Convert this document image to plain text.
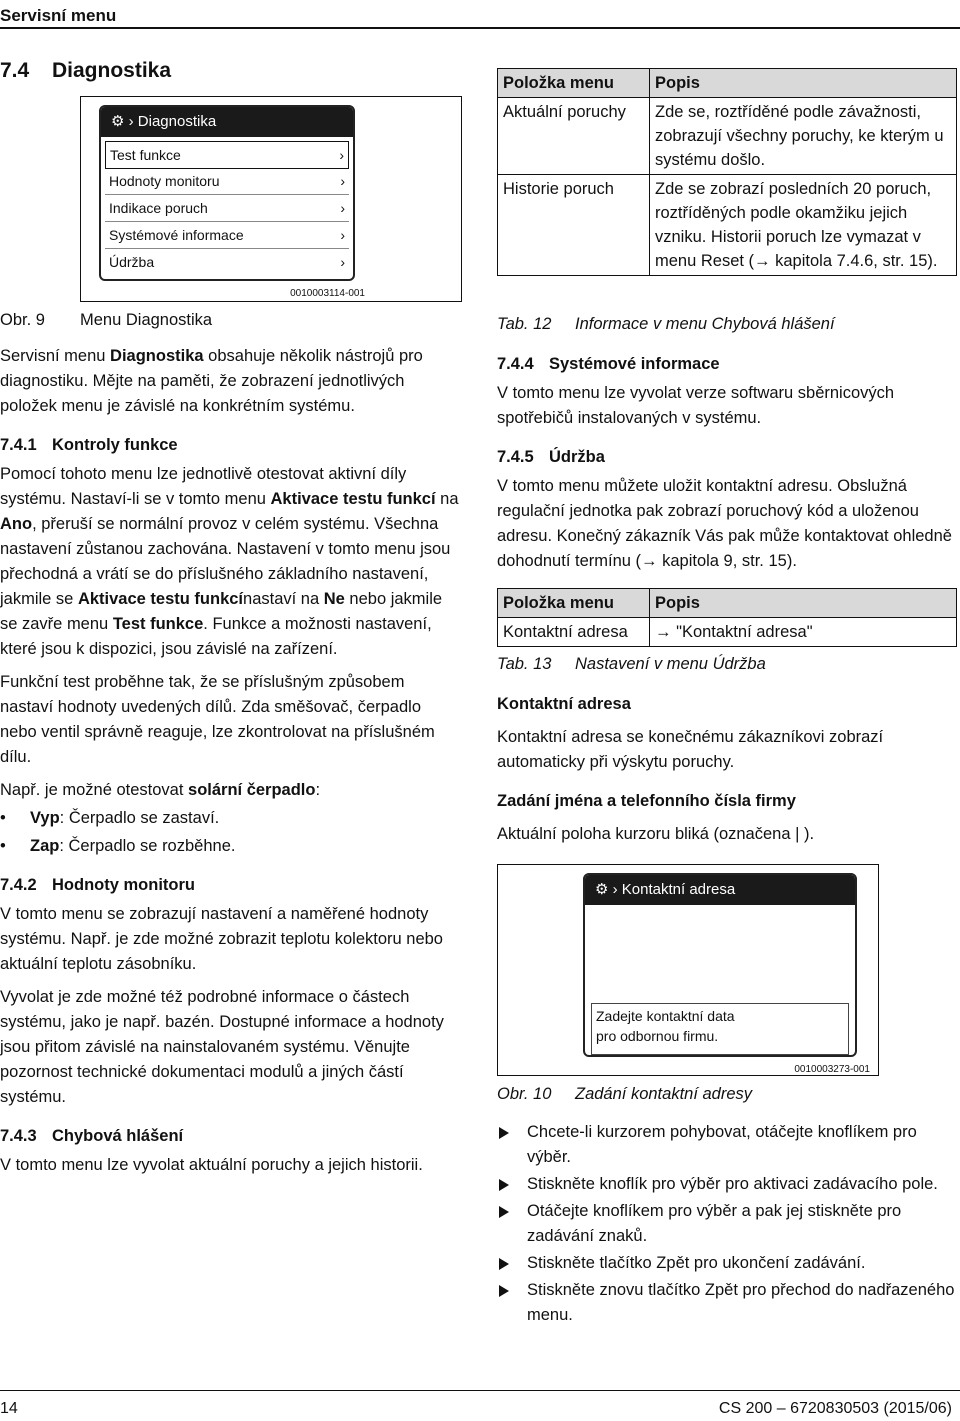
Servisní menu
7.4 Diagnostika
⚙ › Diagnostika
Test funkce	›
Hodnoty monitoru	›
Indikace poruch	›
Systémové informace	›
Údržba	›
0010003114-001
Obr. 9 Menu Diagnostika

Servisní menu Diagnostika obsahuje několik nástrojů pro diagnostiku. Mějte na paměti, že zobrazení jednotlivých položek menu je závislé na konkrétním systému.

7.4.1 Kontroly funkce

Pomocí tohoto menu lze jednotlivě otestovat aktivní díly systému. Nastaví-li se v tomto menu Aktivace testu funkcí na Ano, přeruší se normální provoz v celém systému. Všechna nastavení zůstanou zachována. Nastavení v tomto menu jsou přechodná a vrátí se do příslušného základního nastavení, jakmile se Aktivace testu funkcínastaví na Ne nebo jakmile se zavře menu Test funkce. Funkce a možnosti nastavení, které jsou k dispozici, jsou závislé na zařízení.

Funkční test proběhne tak, že se příslušným způsobem nastaví hodnoty uvedených dílů. Zda směšovač, čerpadlo nebo ventil správně reaguje, lze zkontrolovat na příslušném dílu.

Např. je možné otestovat solární čerpadlo:

• Vyp: Čerpadlo se zastaví.
• Zap: Čerpadlo se rozběhne.
7.4.2 Hodnoty monitoru

V tomto menu se zobrazují nastavení a naměřené hodnoty systému. Např. je zde možné zobrazit teplotu kolektoru nebo aktuální teplotu zásobníku.

Vyvolat je zde možné též podrobné informace o částech systému, jako je např. bazén. Dostupné informace a hodnoty jsou přitom závislé na nainstalovaném systému. Věnujte pozornost technické dokumentaci modulů a jiných částí systému.

7.4.3 Chybová hlášení

V tomto menu lze vyvolat aktuální poruchy a jejich historii.

Položka menu	Popis
Aktuální poruchy	Zde se, roztříděné podle závažnosti, zobrazují všechny poruchy, ke kterým u systému došlo.
Historie poruch	Zde se zobrazí posledních 20 poruch, roztříděných podle okamžiku jejich vzniku. Historii poruch lze vymazat v menu Reset (→ kapitola 7.4.6, str. 15).
Tab. 12 Informace v menu Chybová hlášení
7.4.4 Systémové informace

V tomto menu lze vyvolat verze softwaru sběrnicových spotřebičů instalovaných v systému.

7.4.5 Údržba

V tomto menu můžete uložit kontaktní adresu. Obslužná regulační jednotka pak zobrazí poruchový kód a uloženou adresu. Konečný zákazník Vás pak může kontaktovat ohledně dohodnutí termínu (→ kapitola 9, str. 15).

Položka menu	Popis
Kontaktní adresa	→ "Kontaktní adresa"
Tab. 13 Nastavení v menu Údržba
Kontaktní adresa

Kontaktní adresa se konečnému zákazníkovi zobrazí automaticky při výskytu poruchy.

Zadání jména a telefonního čísla firmy

Aktuální poloha kurzoru bliká (označena | ).

⚙ › Kontaktní adresa
Zadejte kontaktní data
pro odbornou firmu.
0010003273-001
Obr. 10 Zadání kontaktní adresy
Chcete-li kurzorem pohybovat, otáčejte knoflíkem pro výběr.
Stiskněte knoflík pro výběr pro aktivaci zadávacího pole.
Otáčejte knoflíkem pro výběr a pak jej stiskněte pro zadávání znaků.
Stiskněte tlačítko Zpět pro ukončení zadávání.
Stiskněte znovu tlačítko Zpět pro přechod do nadřazeného menu.
14	CS 200 – 6720830503 (2015/06)
